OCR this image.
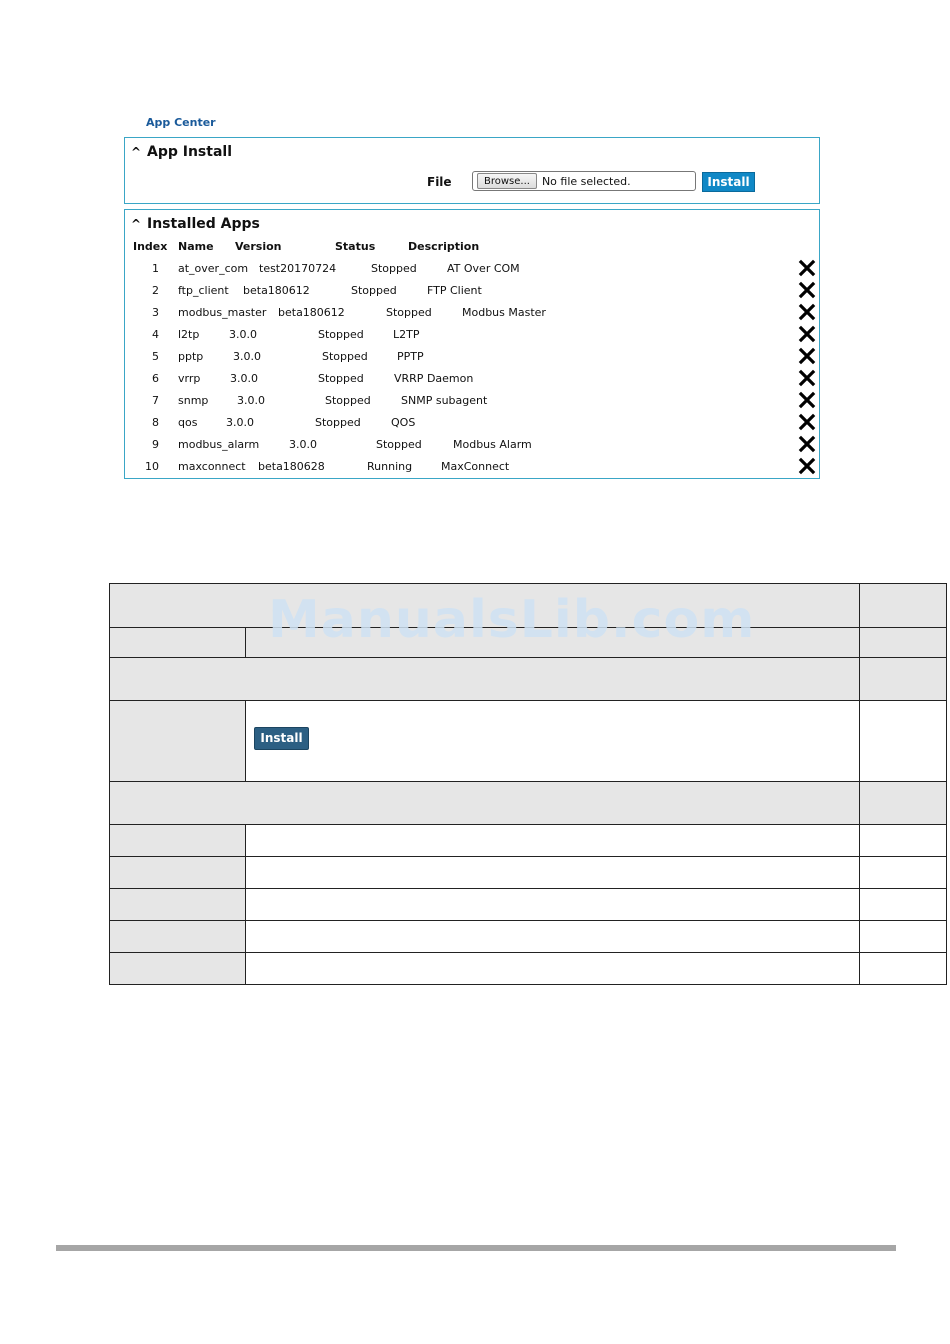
App Center
^ App Install
File	Browse...	No file selected.	Install
^ Installed Apps
Index Name Version	Status	Description
1 at_over_com test20170724	Stopped	AT Over COM
2 ftp_client beta180612	Stopped	FTP Client
3 modbus_master beta180612	Stopped	Modbus Master
4 l2tp	3.0.0	Stopped	L2TP
5 pptp	3.0.0	Stopped	PPTP
6 vrrp	3.0.0	Stopped	VRRP Daemon
7 snmp	3.0.0	Stopped	SNMP subagent
8 qos	3.0.0	Stopped	QOS
9 modbus_alarm	3.0.0	Stopped	Modbus Alarm
10 maxconnect beta180628	Running	MaxConnect

ManualsLib.com
Install
